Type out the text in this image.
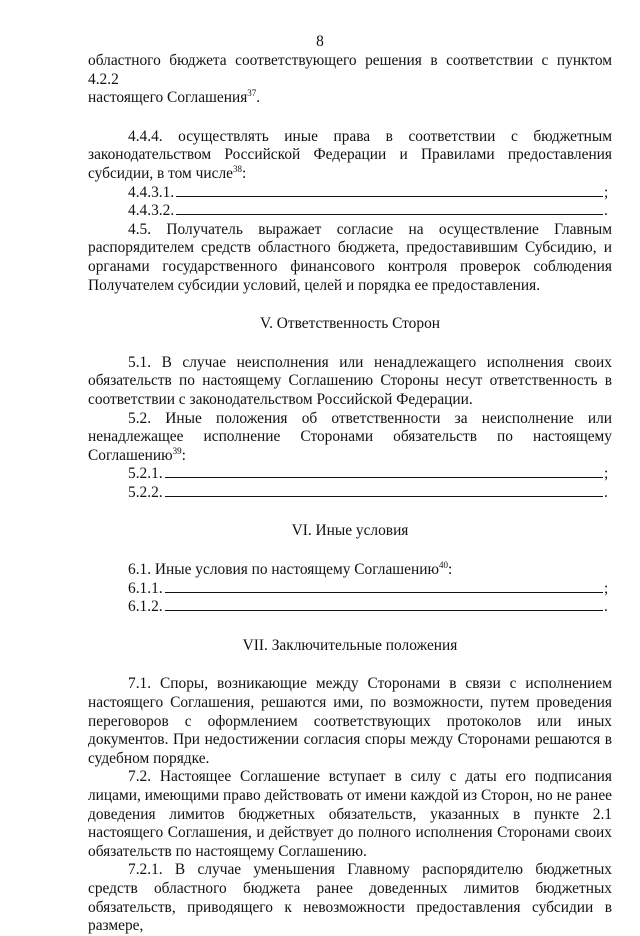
8

областного бюджета соответствующего решения в соответствии с пунктом 4.2.2
настоящего Соглашения$^{37}$.

4.4.4. осуществлять иные права в соответствии с бюджетным законодательством Российской Федерации и Правилами предоставления субсидии, в том числе$^{38}$:

4.4.3.1.	;
4.4.3.2.	.

4.5. Получатель выражает согласие на осуществление Главным распорядителем средств областного бюджета, предоставившим Субсидию, и органами государственного финансового контроля проверок соблюдения Получателем субсидии условий, целей и порядка ее предоставления.

V. Ответственность Сторон

5.1. В случае неисполнения или ненадлежащего исполнения своих обязательств по настоящему Соглашению Стороны несут ответственность в соответствии с законодательством Российской Федерации.

5.2. Иные положения об ответственности за неисполнение или ненадлежащее исполнение Сторонами обязательств по настоящему Соглашению$^{39}$:

5.2.1.	;
5.2.2.	.

VI. Иные условия

6.1. Иные условия по настоящему Соглашению$^{40}$:

6.1.1.	;
6.1.2.	.

VII. Заключительные положения

7.1. Споры, возникающие между Сторонами в связи с исполнением настоящего Соглашения, решаются ими, по возможности, путем проведения переговоров с оформлением соответствующих протоколов или иных документов. При недостижении согласия споры между Сторонами решаются в судебном порядке.

7.2. Настоящее Соглашение вступает в силу с даты его подписания лицами, имеющими право действовать от имени каждой из Сторон, но не ранее доведения лимитов бюджетных обязательств, указанных в пункте 2.1 настоящего Соглашения, и действует до полного исполнения Сторонами своих обязательств по настоящему Соглашению.

7.2.1. В случае уменьшения Главному распорядителю бюджетных средств областного бюджета ранее доведенных лимитов бюджетных обязательств, приводящего к невозможности предоставления субсидии в размере,
